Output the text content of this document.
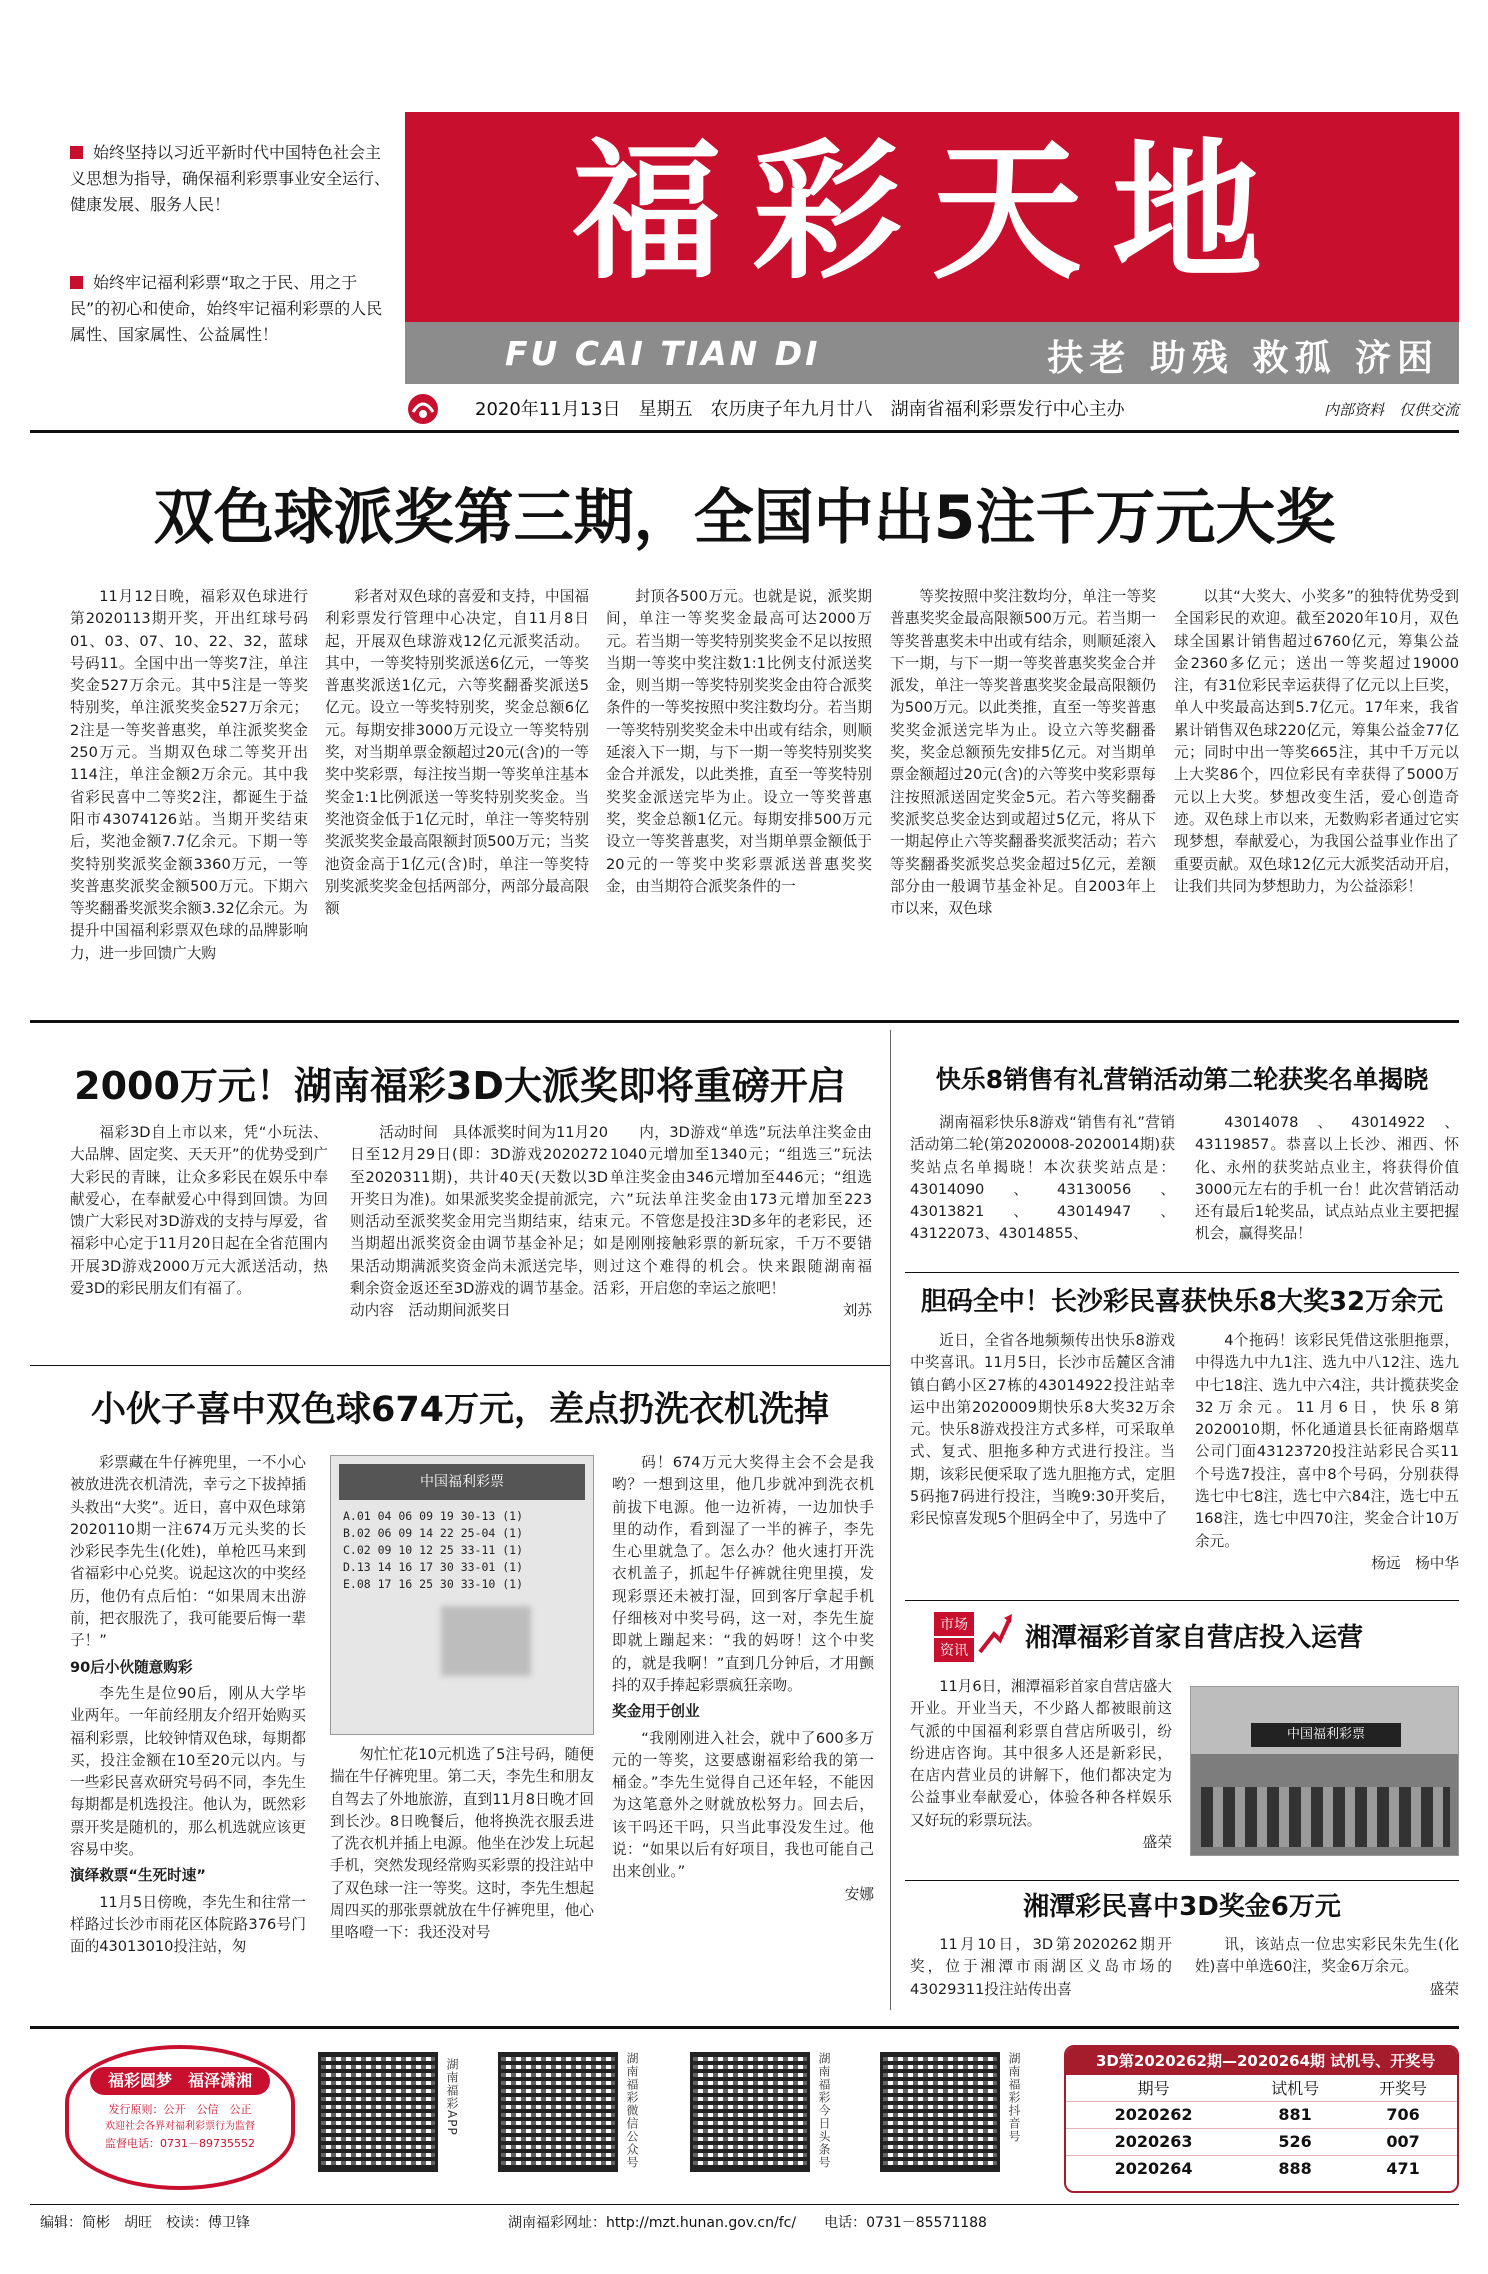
始终坚持以习近平新时代中国特色社会主义思想为指导，确保福利彩票事业安全运行、健康发展、服务人民！
始终牢记福利彩票“取之于民、用之于民”的初心和使命，始终牢记福利彩票的人民属性、国家属性、公益属性！
福彩天地
FU CAI TIAN DI	扶老 助残 救孤 济困
2020年11月13日　星期五　农历庚子年九月廿八　湖南省福利彩票发行中心主办	内部资料　仅供交流
双色球派奖第三期，全国中出5注千万元大奖

11月12日晚，福彩双色球进行第2020113期开奖，开出红球号码01、03、07、10、22、32，蓝球号码11。全国中出一等奖7注，单注奖金527万余元。其中5注是一等奖特别奖，单注派奖奖金527万余元；2注是一等奖普惠奖，单注派奖奖金250万元。当期双色球二等奖开出114注，单注金额2万余元。其中我省彩民喜中二等奖2注，都诞生于益阳市43074126站。当期开奖结束后，奖池金额7.7亿余元。下期一等奖特别奖派奖金额3360万元，一等奖普惠奖派奖金额500万元。下期六等奖翻番奖派奖余额3.32亿余元。为提升中国福利彩票双色球的品牌影响力，进一步回馈广大购

彩者对双色球的喜爱和支持，中国福利彩票发行管理中心决定，自11月8日起，开展双色球游戏12亿元派奖活动。其中，一等奖特别奖派送6亿元，一等奖普惠奖派送1亿元，六等奖翻番奖派送5亿元。设立一等奖特别奖，奖金总额6亿元。每期安排3000万元设立一等奖特别奖，对当期单票金额超过20元(含)的一等奖中奖彩票，每注按当期一等奖单注基本奖金1:1比例派送一等奖特别奖奖金。当奖池资金低于1亿元时，单注一等奖特别奖派奖奖金最高限额封顶500万元；当奖池资金高于1亿元(含)时，单注一等奖特别奖派奖奖金包括两部分，两部分最高限额

封顶各500万元。也就是说，派奖期间，单注一等奖奖金最高可达2000万元。若当期一等奖特别奖奖金不足以按照当期一等奖中奖注数1:1比例支付派送奖金，则当期一等奖特别奖奖金由符合派奖条件的一等奖按照中奖注数均分。若当期一等奖特别奖奖金未中出或有结余，则顺延滚入下一期，与下一期一等奖特别奖奖金合并派发，以此类推，直至一等奖特别奖奖金派送完毕为止。设立一等奖普惠奖，奖金总额1亿元。每期安排500万元设立一等奖普惠奖，对当期单票金额低于20元的一等奖中奖彩票派送普惠奖奖金，由当期符合派奖条件的一

等奖按照中奖注数均分，单注一等奖普惠奖奖金最高限额500万元。若当期一等奖普惠奖未中出或有结余，则顺延滚入下一期，与下一期一等奖普惠奖奖金合并派发，单注一等奖普惠奖奖金最高限额仍为500万元。以此类推，直至一等奖普惠奖奖金派送完毕为止。设立六等奖翻番奖，奖金总额预先安排5亿元。对当期单票金额超过20元(含)的六等奖中奖彩票每注按照派送固定奖金5元。若六等奖翻番奖派奖总奖金达到或超过5亿元，将从下一期起停止六等奖翻番奖派奖活动；若六等奖翻番奖派奖总奖金超过5亿元，差额部分由一般调节基金补足。自2003年上市以来，双色球

以其“大奖大、小奖多”的独特优势受到全国彩民的欢迎。截至2020年10月，双色球全国累计销售超过6760亿元，筹集公益金2360多亿元；送出一等奖超过19000注，有31位彩民幸运获得了亿元以上巨奖，单人中奖最高达到5.7亿元。17年来，我省累计销售双色球220亿元，筹集公益金77亿元；同时中出一等奖665注，其中千万元以上大奖86个，四位彩民有幸获得了5000万元以上大奖。梦想改变生活，爱心创造奇迹。双色球上市以来，无数购彩者通过它实现梦想，奉献爱心，为我国公益事业作出了重要贡献。双色球12亿元大派奖活动开启，让我们共同为梦想助力，为公益添彩！

2000万元！湖南福彩3D大派奖即将重磅开启

福彩3D自上市以来，凭“小玩法、大品牌、固定奖、天天开”的优势受到广大彩民的青睐，让众多彩民在娱乐中奉献爱心，在奉献爱心中得到回馈。为回馈广大彩民对3D游戏的支持与厚爱，省福彩中心定于11月20日起在全省范围内开展3D游戏2000万元大派送活动，热爱3D的彩民朋友们有福了。

活动时间　具体派奖时间为11月20日至12月29日(即：3D游戏2020272至2020311期)，共计40天(天数以3D开奖日为准)。如果派奖奖金提前派完，则活动至派奖奖金用完当期结束，结束当期超出派奖资金由调节基金补足；如果活动期满派奖资金尚未派送完毕，则剩余资金返还至3D游戏的调节基金。活动内容　活动期间派奖日

内，3D游戏“单选”玩法单注奖金由1040元增加至1340元；“组选三”玩法单注奖金由346元增加至446元；“组选六”玩法单注奖金由173元增加至223元。不管您是投注3D多年的老彩民，还是刚刚接触彩票的新玩家，千万不要错过这个难得的机会。快来跟随湖南福彩，开启您的幸运之旅吧！

刘苏

快乐8销售有礼营销活动第二轮获奖名单揭晓

湖南福彩快乐8游戏“销售有礼”营销活动第二轮(第2020008-2020014期)获奖站点名单揭晓！本次获奖站点是：43014090、43130056、43013821、43014947、43122073、43014855、

43014078、43014922、43119857。恭喜以上长沙、湘西、怀化、永州的获奖站点业主，将获得价值3000元左右的手机一台！此次营销活动还有最后1轮奖品，试点站点业主要把握机会，赢得奖品！

胆码全中！长沙彩民喜获快乐8大奖32万余元

近日，全省各地频频传出快乐8游戏中奖喜讯。11月5日，长沙市岳麓区含浦镇白鹤小区27栋的43014922投注站幸运中出第2020009期快乐8大奖32万余元。快乐8游戏投注方式多样，可采取单式、复式、胆拖多种方式进行投注。当期，该彩民便采取了选九胆拖方式，定胆5码拖7码进行投注，当晚9:30开奖后，彩民惊喜发现5个胆码全中了，另选中了

4个拖码！该彩民凭借这张胆拖票，中得选九中九1注、选九中八12注、选九中七18注、选九中六4注，共计揽获奖金32万余元。11月6日，快乐8第2020010期，怀化通道县长征南路烟草公司门面43123720投注站彩民合买11个号选7投注，喜中8个号码，分别获得选七中七8注，选七中六84注，选七中五168注，选七中四70注，奖金合计10万余元。

杨远　杨中华

小伙子喜中双色球674万元，差点扔洗衣机洗掉

彩票藏在牛仔裤兜里，一不小心被放进洗衣机清洗，幸亏之下拔掉插头救出“大奖”。近日，喜中双色球第2020110期一注674万元头奖的长沙彩民李先生(化姓)，单枪匹马来到省福彩中心兑奖。说起这次的中奖经历，他仍有点后怕：“如果周末出游前，把衣服洗了，我可能要后悔一辈子！”

90后小伙随意购彩

李先生是位90后，刚从大学毕业两年。一年前经朋友介绍开始购买福利彩票，比较钟情双色球，每期都买，投注金额在10至20元以内。与一些彩民喜欢研究号码不同，李先生每期都是机选投注。他认为，既然彩票开奖是随机的，那么机选就应该更容易中奖。

演绎救票“生死时速”

11月5日傍晚，李先生和往常一样路过长沙市雨花区体院路376号门面的43013010投注站，匆

中国福利彩票
A.01 04 06 09 19 30-13 (1)
B.02 06 09 14 22 25-04 (1)
C.02 09 10 12 25 33-11 (1)
D.13 14 16 17 30 33-01 (1)
E.08 17 16 25 30 33-10 (1)

匆忙忙花10元机选了5注号码，随便揣在牛仔裤兜里。第二天，李先生和朋友自驾去了外地旅游，直到11月8日晚才回到长沙。8日晚餐后，他将换洗衣服丢进了洗衣机并插上电源。他坐在沙发上玩起手机，突然发现经常购买彩票的投注站中了双色球一注一等奖。这时，李先生想起周四买的那张票就放在牛仔裤兜里，他心里咯噔一下：我还没对号

码！674万元大奖得主会不会是我哟？一想到这里，他几步就冲到洗衣机前拔下电源。他一边祈祷，一边加快手里的动作，看到湿了一半的裤子，李先生心里就急了。怎么办？他火速打开洗衣机盖子，抓起牛仔裤就往兜里摸，发现彩票还未被打湿，回到客厅拿起手机仔细核对中奖号码，这一对，李先生旋即就上蹦起来：“我的妈呀！这个中奖的，就是我啊！”直到几分钟后，才用颤抖的双手捧起彩票疯狂亲吻。

奖金用于创业

“我刚刚进入社会，就中了600多万元的一等奖，这要感谢福彩给我的第一桶金。”李先生觉得自己还年轻，不能因为这笔意外之财就放松努力。回去后，该干吗还干吗，只当此事没发生过。他说：“如果以后有好项目，我也可能自己出来创业。”

安娜

市场
资讯 湘潭福彩首家自营店投入运营

11月6日，湘潭福彩首家自营店盛大开业。开业当天，不少路人都被眼前这气派的中国福利彩票自营店所吸引，纷纷进店咨询。其中很多人还是新彩民，在店内营业员的讲解下，他们都决定为公益事业奉献爱心，体验各种各样娱乐又好玩的彩票玩法。

盛荣

中国福利彩票
湘潭彩民喜中3D奖金6万元

11月10日，3D第2020262期开奖，位于湘潭市雨湖区义岛市场的43029311投注站传出喜

讯，该站点一位忠实彩民朱先生(化姓)喜中单选60注，奖金6万余元。

盛荣

福彩圆梦　福泽潇湘
发行原则：公开　公信　公正
欢迎社会各界对福利彩票行为监督
监督电话：0731－89735552
湖南福彩APP	湖南福彩微信公众号	湖南福彩今日头条号	湖南福彩抖音号	3D第2020262期—2020264期 试机号、开奖号
期号	试机号	开奖号
2020262	881	706
2020263	526	007
2020264	888	471
编辑：简彬　胡旺　校读：傅卫锋	湖南福彩网址：http://mzt.hunan.gov.cn/fc/　　电话：0731－85571188
